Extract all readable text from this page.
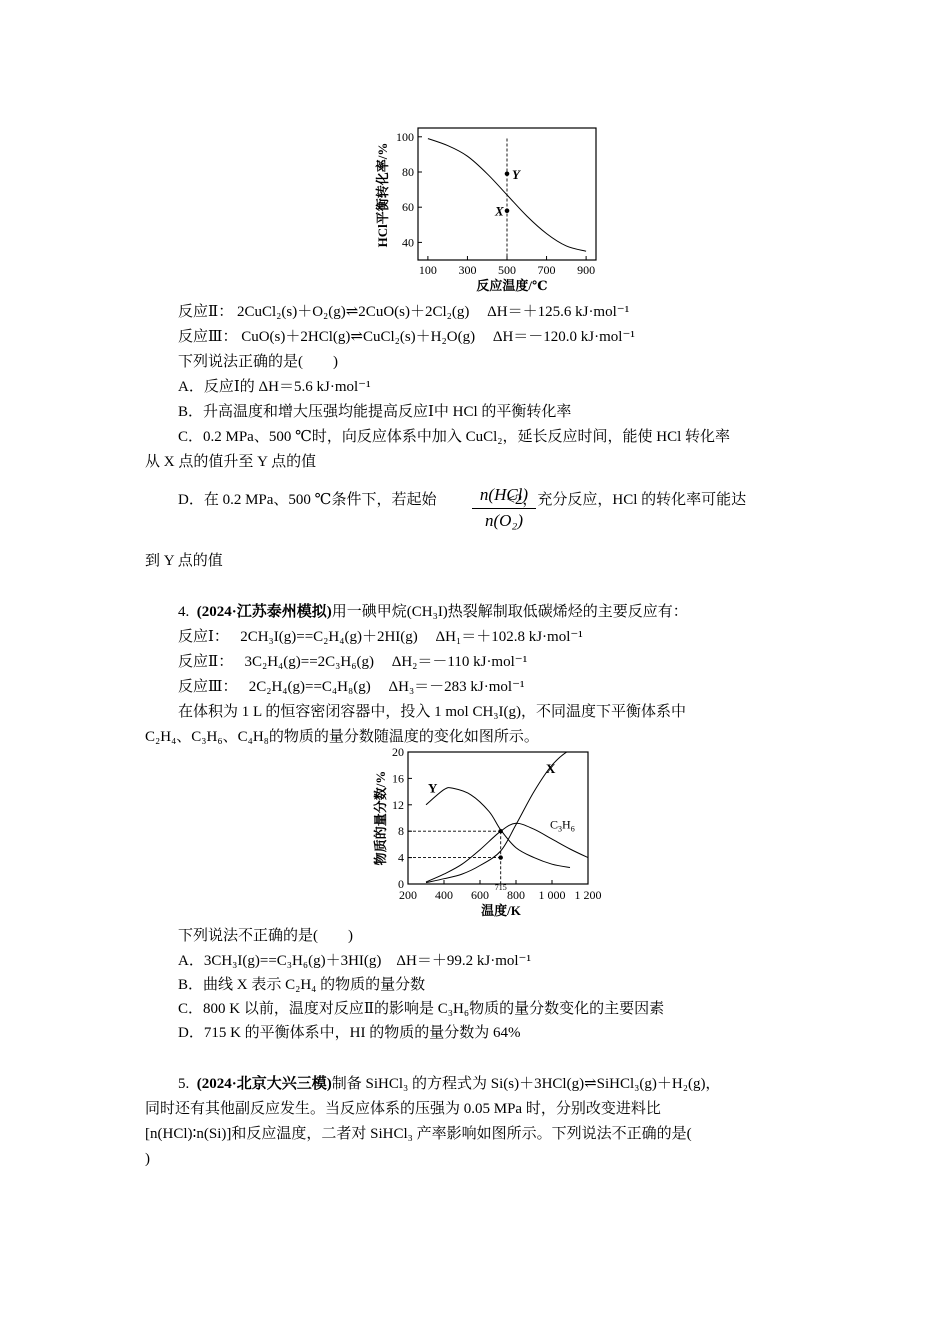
100 300 500 700 900
100
80
60
40
Y
X
HCl平衡转化率/%
反应温度/℃
反应Ⅱ： 2CuCl₂(s)＋O₂(g)⇌2CuO(s)＋2Cl₂(g) ΔH＝＋125.6 kJ·mol⁻¹
反应Ⅲ： CuO(s)＋2HCl(g)⇌CuCl₂(s)＋H₂O(g) ΔH＝－120.0 kJ·mol⁻¹
下列说法正确的是(　　)
A．反应Ⅰ的 ΔH＝5.6 kJ·mol⁻¹
B．升高温度和增大压强均能提高反应Ⅰ中 HCl 的平衡转化率
C．0.2 MPa、500 ℃时，向反应体系中加入 CuCl₂，延长反应时间，能使 HCl 转化率
从 X 点的值升至 Y 点的值
D．在 0.2 MPa、500 ℃条件下，若起始	<2，充分反应，HCl 的转化率可能达
n(HCl)
n(O₂)
到 Y 点的值
4. (2024·江苏泰州模拟)用一碘甲烷(CH₃I)热裂解制取低碳烯烃的主要反应有：
反应Ⅰ： 2CH₃I(g)==C₂H₄(g)＋2HI(g) ΔH₁＝＋102.8 kJ·mol⁻¹
反应Ⅱ： 3C₂H₄(g)==2C₃H₆(g) ΔH₂＝－110 kJ·mol⁻¹
反应Ⅲ： 2C₂H₄(g)==C₄H₈(g) ΔH₃＝－283 kJ·mol⁻¹
在体积为 1 L 的恒容密闭容器中，投入 1 mol CH₃I(g)，不同温度下平衡体系中
C₂H₄、C₃H₆、C₄H₈的物质的量分数随温度的变化如图所示。
200 400 600 800 1 000 1 200
0
4
8
12
16
20
715
Y
X
$C_3H_6$
物质的量分数/%
温度/K
下列说法不正确的是(　　)
A．3CH₃I(g)==C₃H₆(g)＋3HI(g)　ΔH＝＋99.2 kJ·mol⁻¹
B．曲线 X 表示 C₂H₄ 的物质的量分数
C．800 K 以前，温度对反应Ⅱ的影响是 C₃H₆物质的量分数变化的主要因素
D．715 K 的平衡体系中，HI 的物质的量分数为 64%
5. (2024·北京大兴三模)制备 SiHCl₃ 的方程式为 Si(s)＋3HCl(g)⇌SiHCl₃(g)＋H₂(g)，
同时还有其他副反应发生。当反应体系的压强为 0.05 MPa 时，分别改变进料比
[n(HCl)∶n(Si)]和反应温度，二者对 SiHCl₃ 产率影响如图所示。下列说法不正确的是(
)
